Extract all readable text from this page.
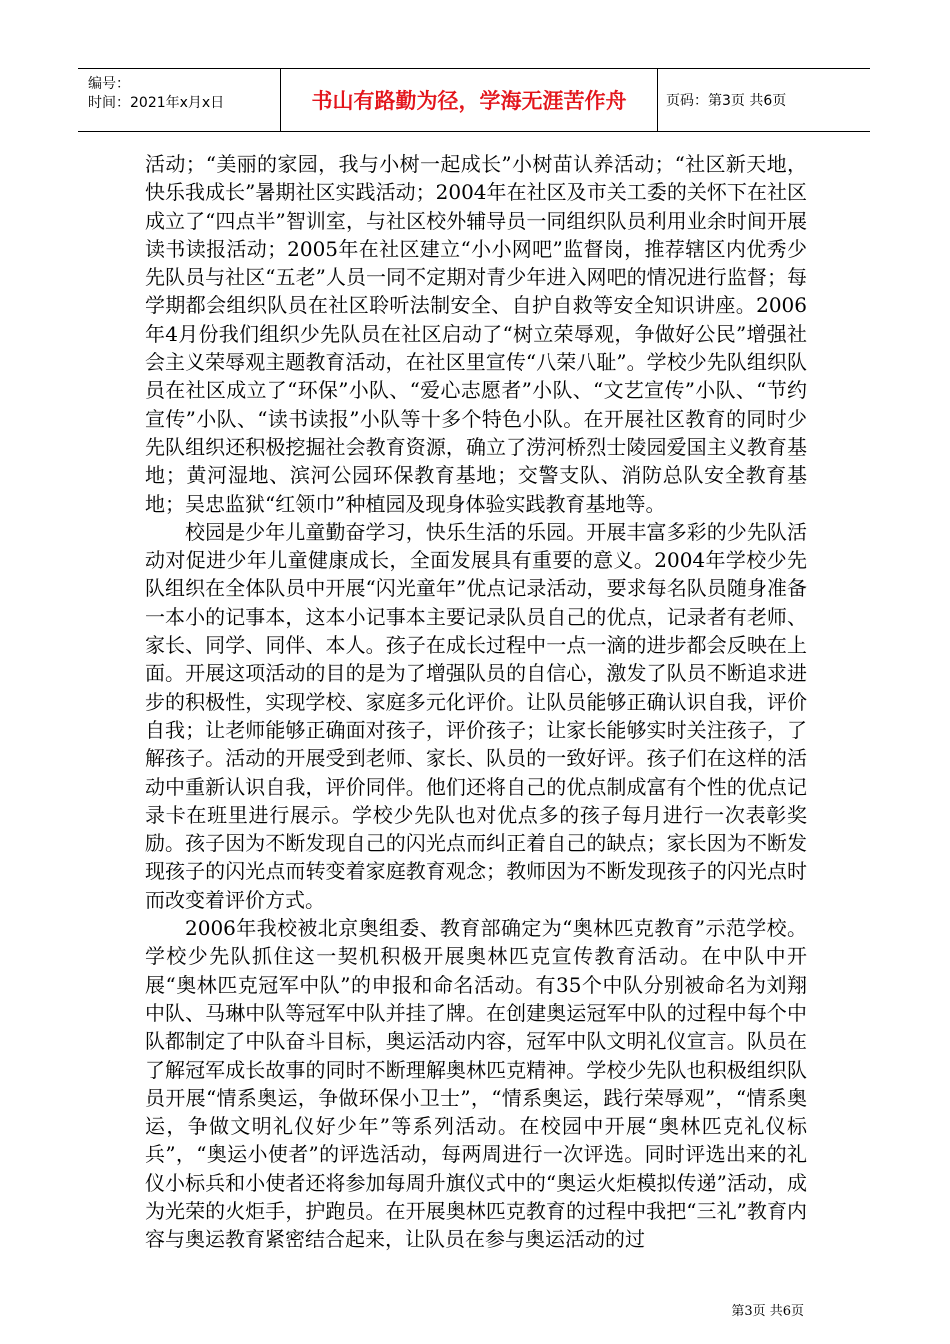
编号：
时间：2021年x月x日	书山有路勤为径，学海无涯苦作舟	页码：第3页 共6页

活动；“美丽的家园，我与小树一起成长”小树苗认养活动；“社区新天地，快乐我成长”暑期社区实践活动；2004年在社区及市关工委的关怀下在社区成立了“四点半”智训室，与社区校外辅导员一同组织队员利用业余时间开展读书读报活动；2005年在社区建立“小小网吧”监督岗，推荐辖区内优秀少先队员与社区“五老”人员一同不定期对青少年进入网吧的情况进行监督；每学期都会组织队员在社区聆听法制安全、自护自救等安全知识讲座。2006年4月份我们组织少先队员在社区启动了“树立荣辱观，争做好公民”增强社会主义荣辱观主题教育活动，在社区里宣传“八荣八耻”。学校少先队组织队员在社区成立了“环保”小队、“爱心志愿者”小队、“文艺宣传”小队、“节约宣传”小队、“读书读报”小队等十多个特色小队。在开展社区教育的同时少先队组织还积极挖掘社会教育资源，确立了涝河桥烈士陵园爱国主义教育基地；黄河湿地、滨河公园环保教育基地；交警支队、消防总队安全教育基地；吴忠监狱“红领巾”种植园及现身体验实践教育基地等。

校园是少年儿童勤奋学习，快乐生活的乐园。开展丰富多彩的少先队活动对促进少年儿童健康成长，全面发展具有重要的意义。2004年学校少先队组织在全体队员中开展“闪光童年”优点记录活动，要求每名队员随身准备一本小的记事本，这本小记事本主要记录队员自己的优点，记录者有老师、家长、同学、同伴、本人。孩子在成长过程中一点一滴的进步都会反映在上面。开展这项活动的目的是为了增强队员的自信心，激发了队员不断追求进步的积极性，实现学校、家庭多元化评价。让队员能够正确认识自我，评价自我；让老师能够正确面对孩子，评价孩子；让家长能够实时关注孩子，了解孩子。活动的开展受到老师、家长、队员的一致好评。孩子们在这样的活动中重新认识自我，评价同伴。他们还将自己的优点制成富有个性的优点记录卡在班里进行展示。学校少先队也对优点多的孩子每月进行一次表彰奖励。孩子因为不断发现自己的闪光点而纠正着自己的缺点；家长因为不断发现孩子的闪光点而转变着家庭教育观念；教师因为不断发现孩子的闪光点时而改变着评价方式。

2006年我校被北京奥组委、教育部确定为“奥林匹克教育”示范学校。学校少先队抓住这一契机积极开展奥林匹克宣传教育活动。在中队中开展“奥林匹克冠军中队”的申报和命名活动。有35个中队分别被命名为刘翔中队、马琳中队等冠军中队并挂了牌。在创建奥运冠军中队的过程中每个中队都制定了中队奋斗目标，奥运活动内容，冠军中队文明礼仪宣言。队员在了解冠军成长故事的同时不断理解奥林匹克精神。学校少先队也积极组织队员开展“情系奥运，争做环保小卫士”，“情系奥运，践行荣辱观”，“情系奥运，争做文明礼仪好少年”等系列活动。在校园中开展“奥林匹克礼仪标兵”，“奥运小使者”的评选活动，每两周进行一次评选。同时评选出来的礼仪小标兵和小使者还将参加每周升旗仪式中的“奥运火炬模拟传递”活动，成为光荣的火炬手，护跑员。在开展奥林匹克教育的过程中我把“三礼”教育内容与奥运教育紧密结合起来，让队员在参与奥运活动的过

第3页 共6页
